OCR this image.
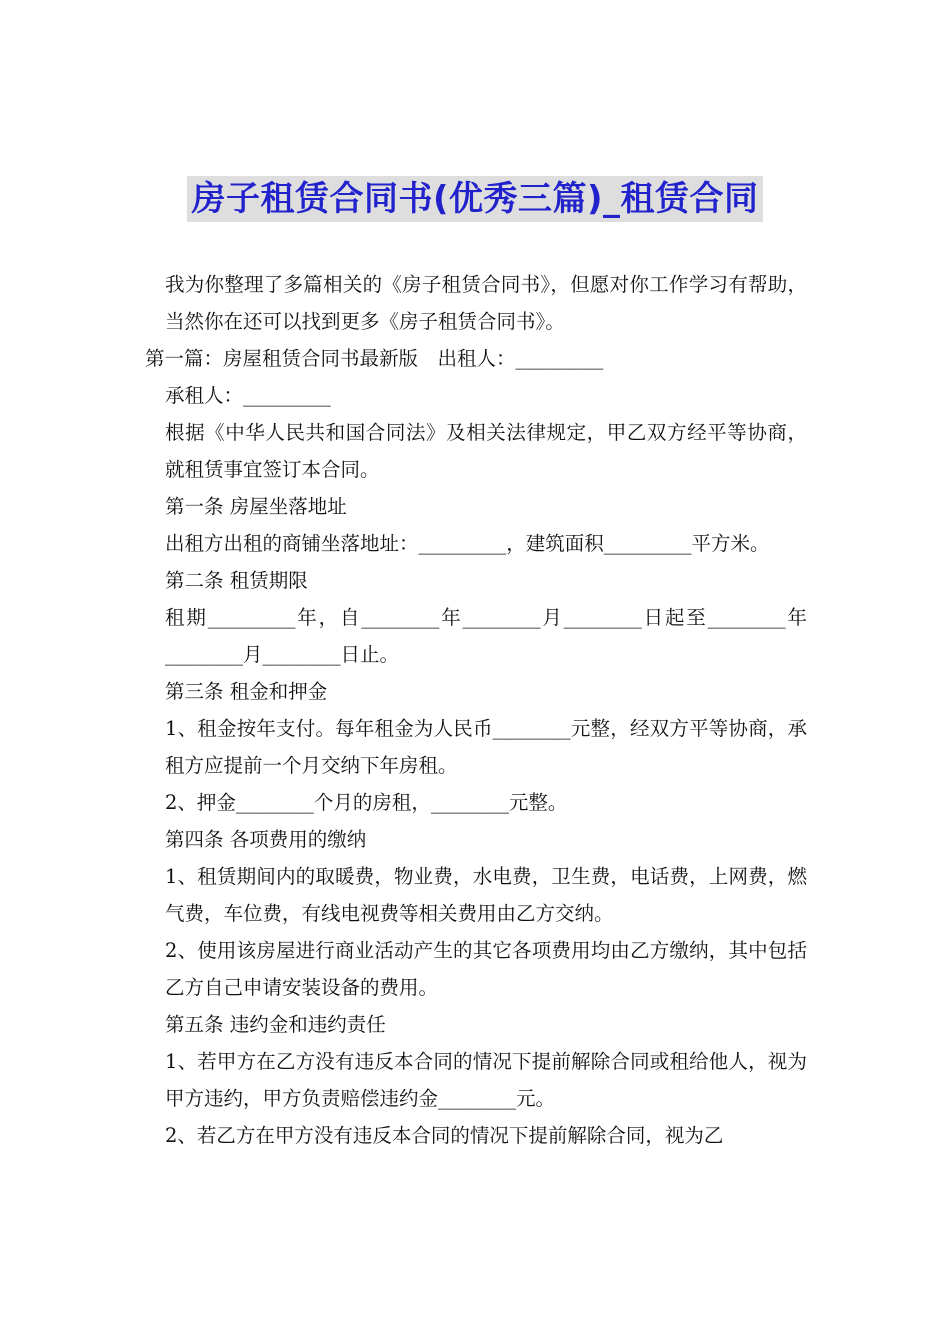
房子租赁合同书(优秀三篇)_租赁合同

我为你整理了多篇相关的《房子租赁合同书》，但愿对你工作学习有帮助，当然你在还可以找到更多《房子租赁合同书》。

第一篇：房屋租赁合同书最新版　出租人：_________

承租人：_________

根据《中华人民共和国合同法》及相关法律规定，甲乙双方经平等协商，就租赁事宜签订本合同。

第一条 房屋坐落地址

出租方出租的商铺坐落地址：_________，建筑面积_________平方米。

第二条 租赁期限

租期_________年，自________年________月________日起至________年________月________日止。

第三条 租金和押金

1、租金按年支付。每年租金为人民币________元整，经双方平等协商，承租方应提前一个月交纳下年房租。

2、押金________个月的房租，________元整。

第四条 各项费用的缴纳

1、租赁期间内的取暖费，物业费，水电费，卫生费，电话费，上网费，燃气费，车位费，有线电视费等相关费用由乙方交纳。

2、使用该房屋进行商业活动产生的其它各项费用均由乙方缴纳，其中包括乙方自己申请安装设备的费用。

第五条 违约金和违约责任

1、若甲方在乙方没有违反本合同的情况下提前解除合同或租给他人，视为甲方违约，甲方负责赔偿违约金________元。

2、若乙方在甲方没有违反本合同的情况下提前解除合同，视为乙
